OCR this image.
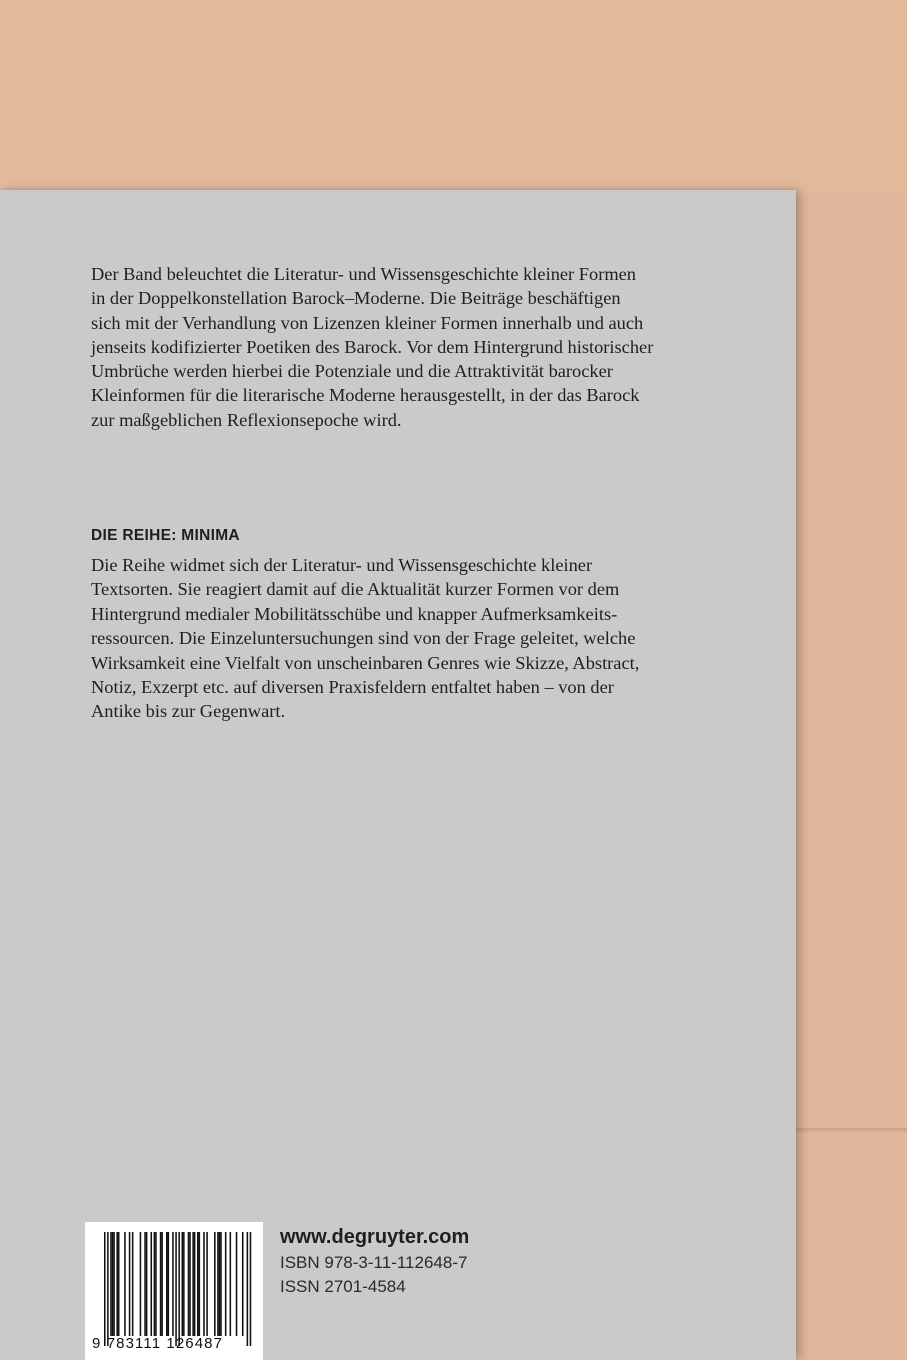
Der Band beleuchtet die Literatur- und Wissensgeschichte kleiner Formen
in der Doppelkonstellation Barock–Moderne. Die Beiträge beschäftigen
sich mit der Verhandlung von Lizenzen kleiner Formen innerhalb und auch
jenseits kodifizierter Poetiken des Barock. Vor dem Hintergrund historischer
Umbrüche werden hierbei die Potenziale und die Attraktivität barocker
Kleinformen für die literarische Moderne herausgestellt, in der das Barock
zur maßgeblichen Reflexionsepoche wird.
DIE REIHE: MINIMA
Die Reihe widmet sich der Literatur- und Wissensgeschichte kleiner
Textsorten. Sie reagiert damit auf die Aktualität kurzer Formen vor dem
Hintergrund medialer Mobilitätsschübe und knapper Aufmerksamkeits-
ressourcen. Die Einzeluntersuchungen sind von der Frage geleitet, welche
Wirksamkeit eine Vielfalt von unscheinbaren Genres wie Skizze, Abstract,
Notiz, Exzerpt etc. auf diversen Praxisfeldern entfaltet haben – von der
Antike bis zur Gegenwart.
9 783111 126487
www.degruyter.com
ISBN 978-3-11-112648-7
ISSN 2701-4584
